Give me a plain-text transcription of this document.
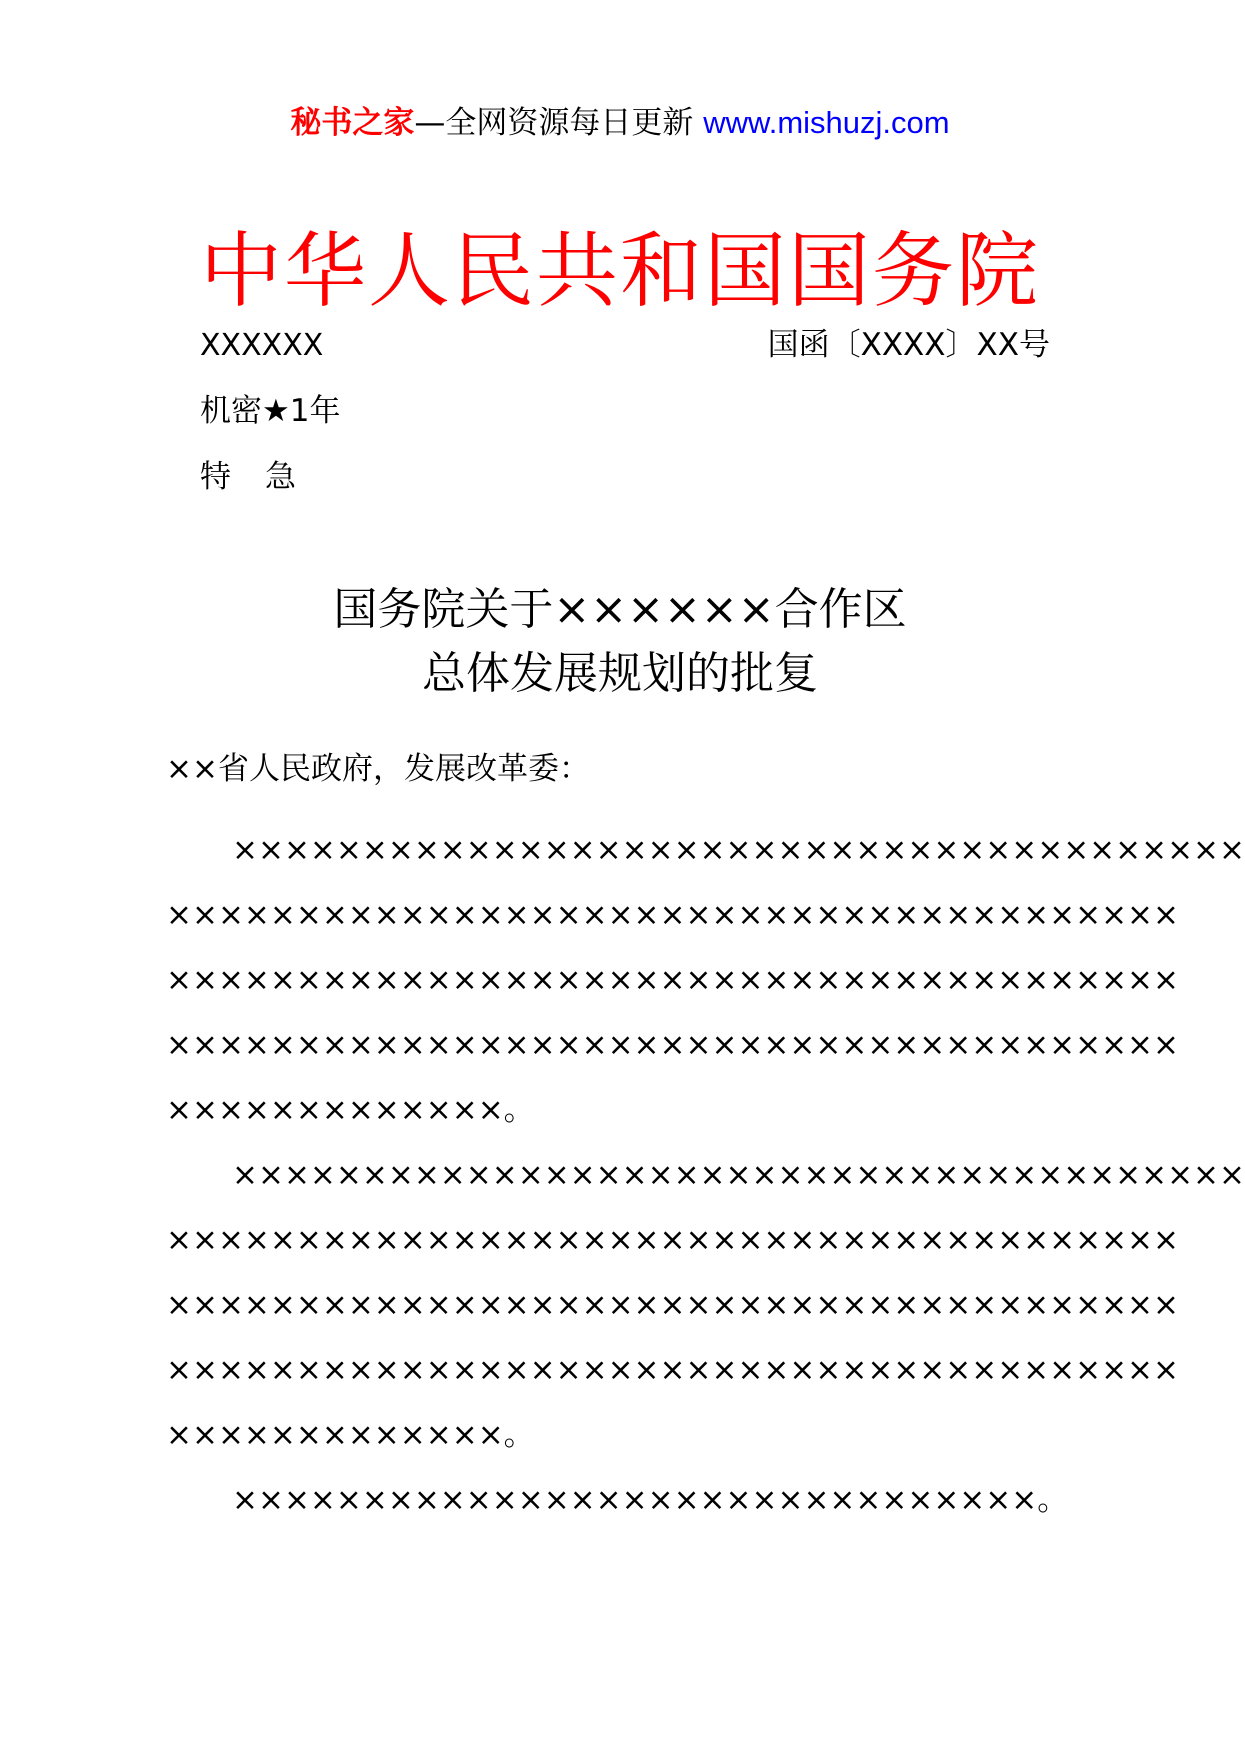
秘书之家—全网资源每日更新 www.mishuzj.com
中华人民共和国国务院
XXXXXX	国函〔XXXX〕XX号
机密★1年
特急
国务院关于××××××合作区
总体发展规划的批复
××省人民政府，发展改革委：
×××××××××××××××××××××××××××××××××××××××
×××××××××××××××××××××××××××××××××××××××
×××××××××××××××××××××××××××××××××××××××
×××××××××××××××××××××××××××××××××××××××
×××××××××××××。
×××××××××××××××××××××××××××××××××××××××
×××××××××××××××××××××××××××××××××××××××
×××××××××××××××××××××××××××××××××××××××
×××××××××××××××××××××××××××××××××××××××
×××××××××××××。
×××××××××××××××××××××××××××××××。
